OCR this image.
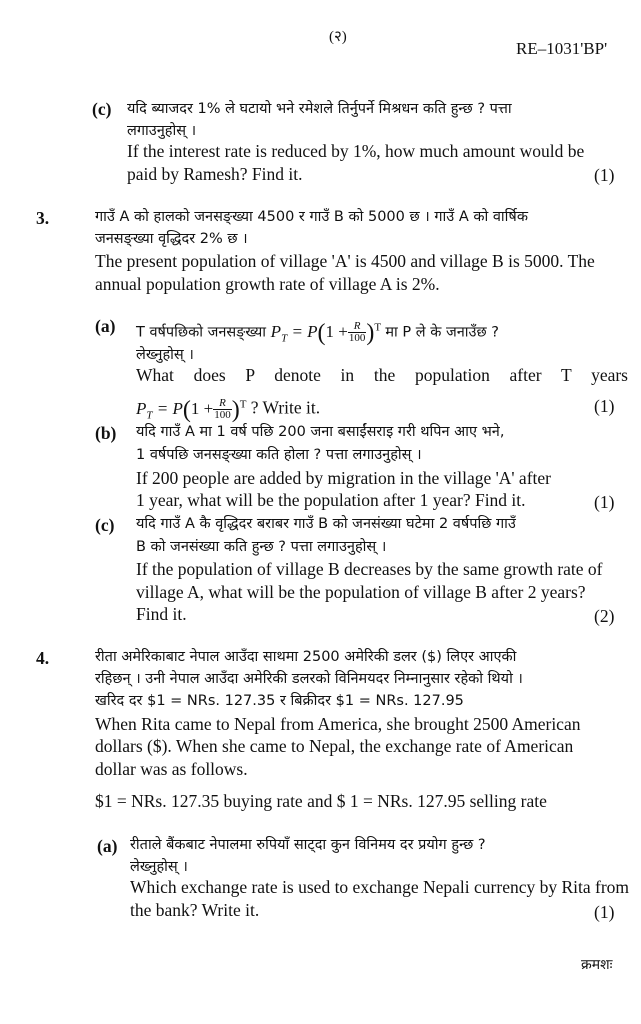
(२)
RE–1031'BP'
(c) यदि ब्याजदर 1% ले घटायो भने रमेशले तिर्नुपर्ने मिश्रधन कति हुन्छ ? पत्ता
लगाउनुहोस् ।
If the interest rate is reduced by 1%, how much amount would be
paid by Ramesh? Find it.	(1)
3.	गाउँ A को हालको जनसङ्ख्या 4500 र गाउँ B को 5000 छ । गाउँ A को वार्षिक
जनसङ्ख्या वृद्धिदर 2% छ ।
The present population of village 'A' is 4500 and village B is 5000. The
annual population growth rate of village A is 2%.
(a) T वर्षपछिको जनसङ्ख्या $P_T = P(1 + \frac{R}{100} )^T$ मा P ले के जनाउँछ ?
लेख्नुहोस् ।
What does P denote in the population after T years
$P_T = P(1 + \frac{R}{100} )^T$ ? Write it.	(1)
(b) यदि गाउँ A मा 1 वर्ष पछि 200 जना बसाईंसराइ गरी थपिन आए भने,
1 वर्षपछि जनसङ्ख्या कति होला ? पत्ता लगाउनुहोस् ।
If 200 people are added by migration in the village 'A' after
1 year, what will be the population after 1 year? Find it.	(1)
(c) यदि गाउँ A कै वृद्धिदर बराबर गाउँ B को जनसंख्या घटेमा 2 वर्षपछि गाउँ
B को जनसंख्या कति हुन्छ ? पत्ता लगाउनुहोस् ।
If the population of village B decreases by the same growth rate of
village A, what will be the population of village B after 2 years?
Find it.	(2)
4.	रीता अमेरिकाबाट नेपाल आउँदा साथमा 2500 अमेरिकी डलर ($) लिएर आएकी
रहिछन् । उनी नेपाल आउँदा अमेरिकी डलरको विनिमयदर निम्नानुसार रहेको थियो ।
खरिद दर $1 = NRs. 127.35 र बिक्रीदर $1 = NRs. 127.95
When Rita came to Nepal from America, she brought 2500 American
dollars ($). When she came to Nepal, the exchange rate of American
dollar was as follows.
$1 = NRs. 127.35 buying rate and $ 1 = NRs. 127.95 selling rate
(a) रीताले बैंकबाट नेपालमा रुपियाँ साट्दा कुन विनिमय दर प्रयोग हुन्छ ?
लेख्नुहोस् ।
Which exchange rate is used to exchange Nepali currency by Rita from
the bank? Write it.	(1)
क्रमशः
